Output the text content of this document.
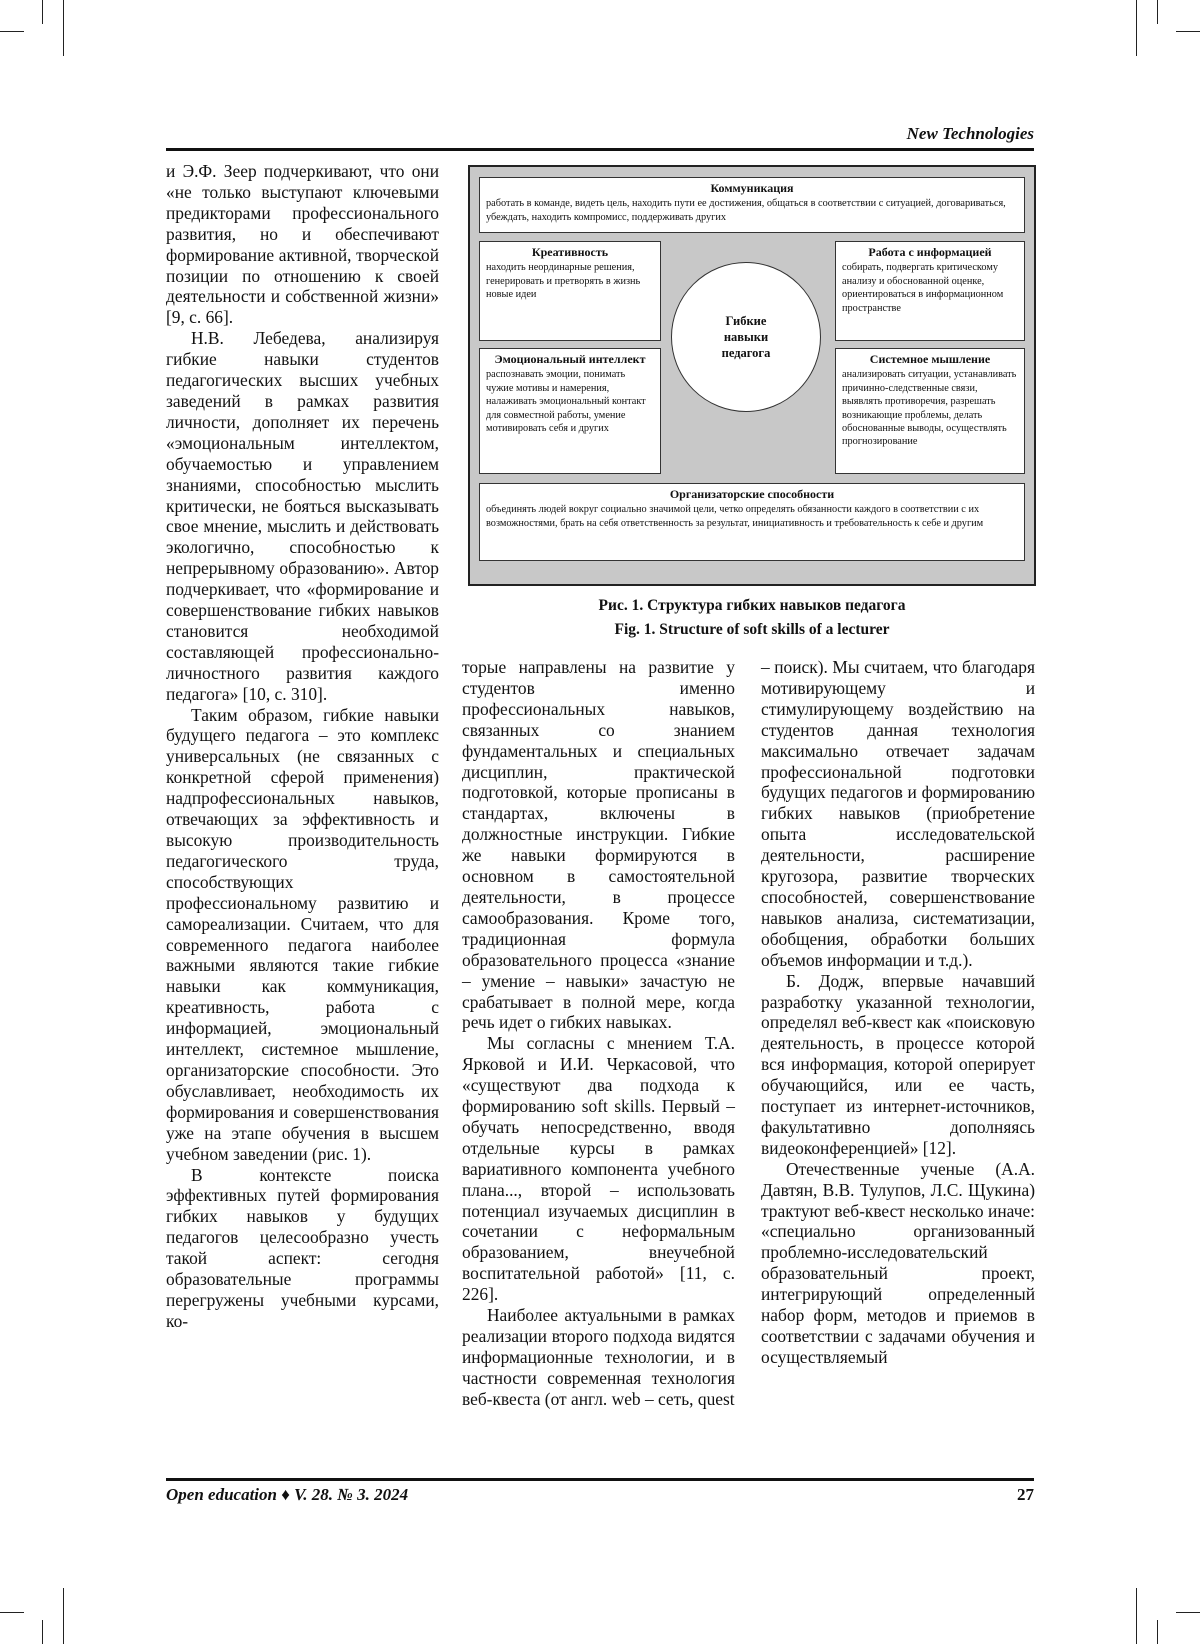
New Technologies

и Э.Ф. Зеер подчеркивают, что они «не только выступают ключевыми предикторами профессионального развития, но и обеспечивают формирование активной, творческой позиции по отношению к своей деятельности и собственной жизни» [9, с. 66].

Н.В. Лебедева, анализируя гибкие навыки студентов педагогических высших учебных заведений в рамках развития личности, дополняет их перечень «эмоциональным интеллектом, обучаемостью и управлением знаниями, способностью мыслить критически, не бояться высказывать свое мнение, мыслить и действовать экологично, способностью к непрерывному образованию». Автор подчеркивает, что «формирование и совершенствование гибких навыков становится необходимой составляющей профессионально-личностного развития каждого педагога» [10, с. 310].

Таким образом, гибкие навыки будущего педагога – это комплекс универсальных (не связанных с конкретной сферой применения) надпрофессиональных навыков, отвечающих за эффективность и высокую производительность педагогического труда, способствующих профессиональному развитию и самореализации. Считаем, что для современного педагога наиболее важными являются такие гибкие навыки как коммуникация, креативность, работа с информацией, эмоциональный интеллект, системное мышление, организаторские способности. Это обуславливает, необходимость их формирования и совершенствования уже на этапе обучения в высшем учебном заведении (рис. 1).

В контексте поиска эффективных путей формирования гибких навыков у будущих педагогов целесообразно учесть такой аспект: сегодня образовательные программы перегружены учебными курсами, ко-

Коммуникация
работать в команде, видеть цель, находить пути ее достижения, общаться в соответствии с ситуацией, договариваться, убеждать, находить компромисс, поддерживать других
Креативность
находить неординарные решения, генерировать и претворять в жизнь новые идеи
Работа с информацией
собирать, подвергать критическому анализу и обоснованной оценке, ориентироваться в информационном пространстве
Гибкие навыки педагога
Эмоциональный интеллект
распознавать эмоции, понимать чужие мотивы и намерения, налаживать эмоциональный контакт для совместной работы, умение мотивировать себя и других
Системное мышление
анализировать ситуации, устанавливать причинно-следственные связи, выявлять противоречия, разрешать возникающие проблемы, делать обоснованные выводы, осуществлять прогнозирование
Организаторские способности
объединять людей вокруг социально значимой цели, четко определять обязанности каждого в соответствии с их возможностями, брать на себя ответственность за результат, инициативность и требовательность к себе и другим
Рис. 1. Структура гибких навыков педагога
Fig. 1. Structure of soft skills of a lecturer

торые направлены на развитие у студентов именно профессиональных навыков, связанных со знанием фундаментальных и специальных дисциплин, практической подготовкой, которые прописаны в стандартах, включены в должностные инструкции. Гибкие же навыки формируются в основном в самостоятельной деятельности, в процессе самообразования. Кроме того, традиционная формула образовательного процесса «знание – умение – навыки» зачастую не срабатывает в полной мере, когда речь идет о гибких навыках.

Мы согласны с мнением Т.А. Ярковой и И.И. Черкасовой, что «существуют два подхода к формированию soft skills. Первый – обучать непосредственно, вводя отдельные курсы в рамках вариативного компонента учебного плана..., второй – использовать потенциал изучаемых дисциплин в сочетании с неформальным образованием, внеучебной воспитательной работой» [11, с. 226].

Наиболее актуальными в рамках реализации второго подхода видятся информационные технологии, и в частности современная технология веб-квеста (от англ. web – сеть, quest

– поиск). Мы считаем, что благодаря мотивирующему и стимулирующему воздействию на студентов данная технология максимально отвечает задачам профессиональной подготовки будущих педагогов и формированию гибких навыков (приобретение опыта исследовательской деятельности, расширение кругозора, развитие творческих способностей, совершенствование навыков анализа, систематизации, обобщения, обработки больших объемов информации и т.д.).

Б. Додж, впервые начавший разработку указанной технологии, определял веб-квест как «поисковую деятельность, в процессе которой вся информация, которой оперирует обучающийся, или ее часть, поступает из интернет-источников, факультативно дополняясь видеоконференцией» [12].

Отечественные ученые (А.А. Давтян, В.В. Тулупов, Л.С. Щукина) трактуют веб-квест несколько иначе: «специально организованный проблемно-исследовательский образовательный проект, интегрирующий определенный набор форм, методов и приемов в соответствии с задачами обучения и осуществляемый

Open education ♦ V. 28. № 3. 2024	27
